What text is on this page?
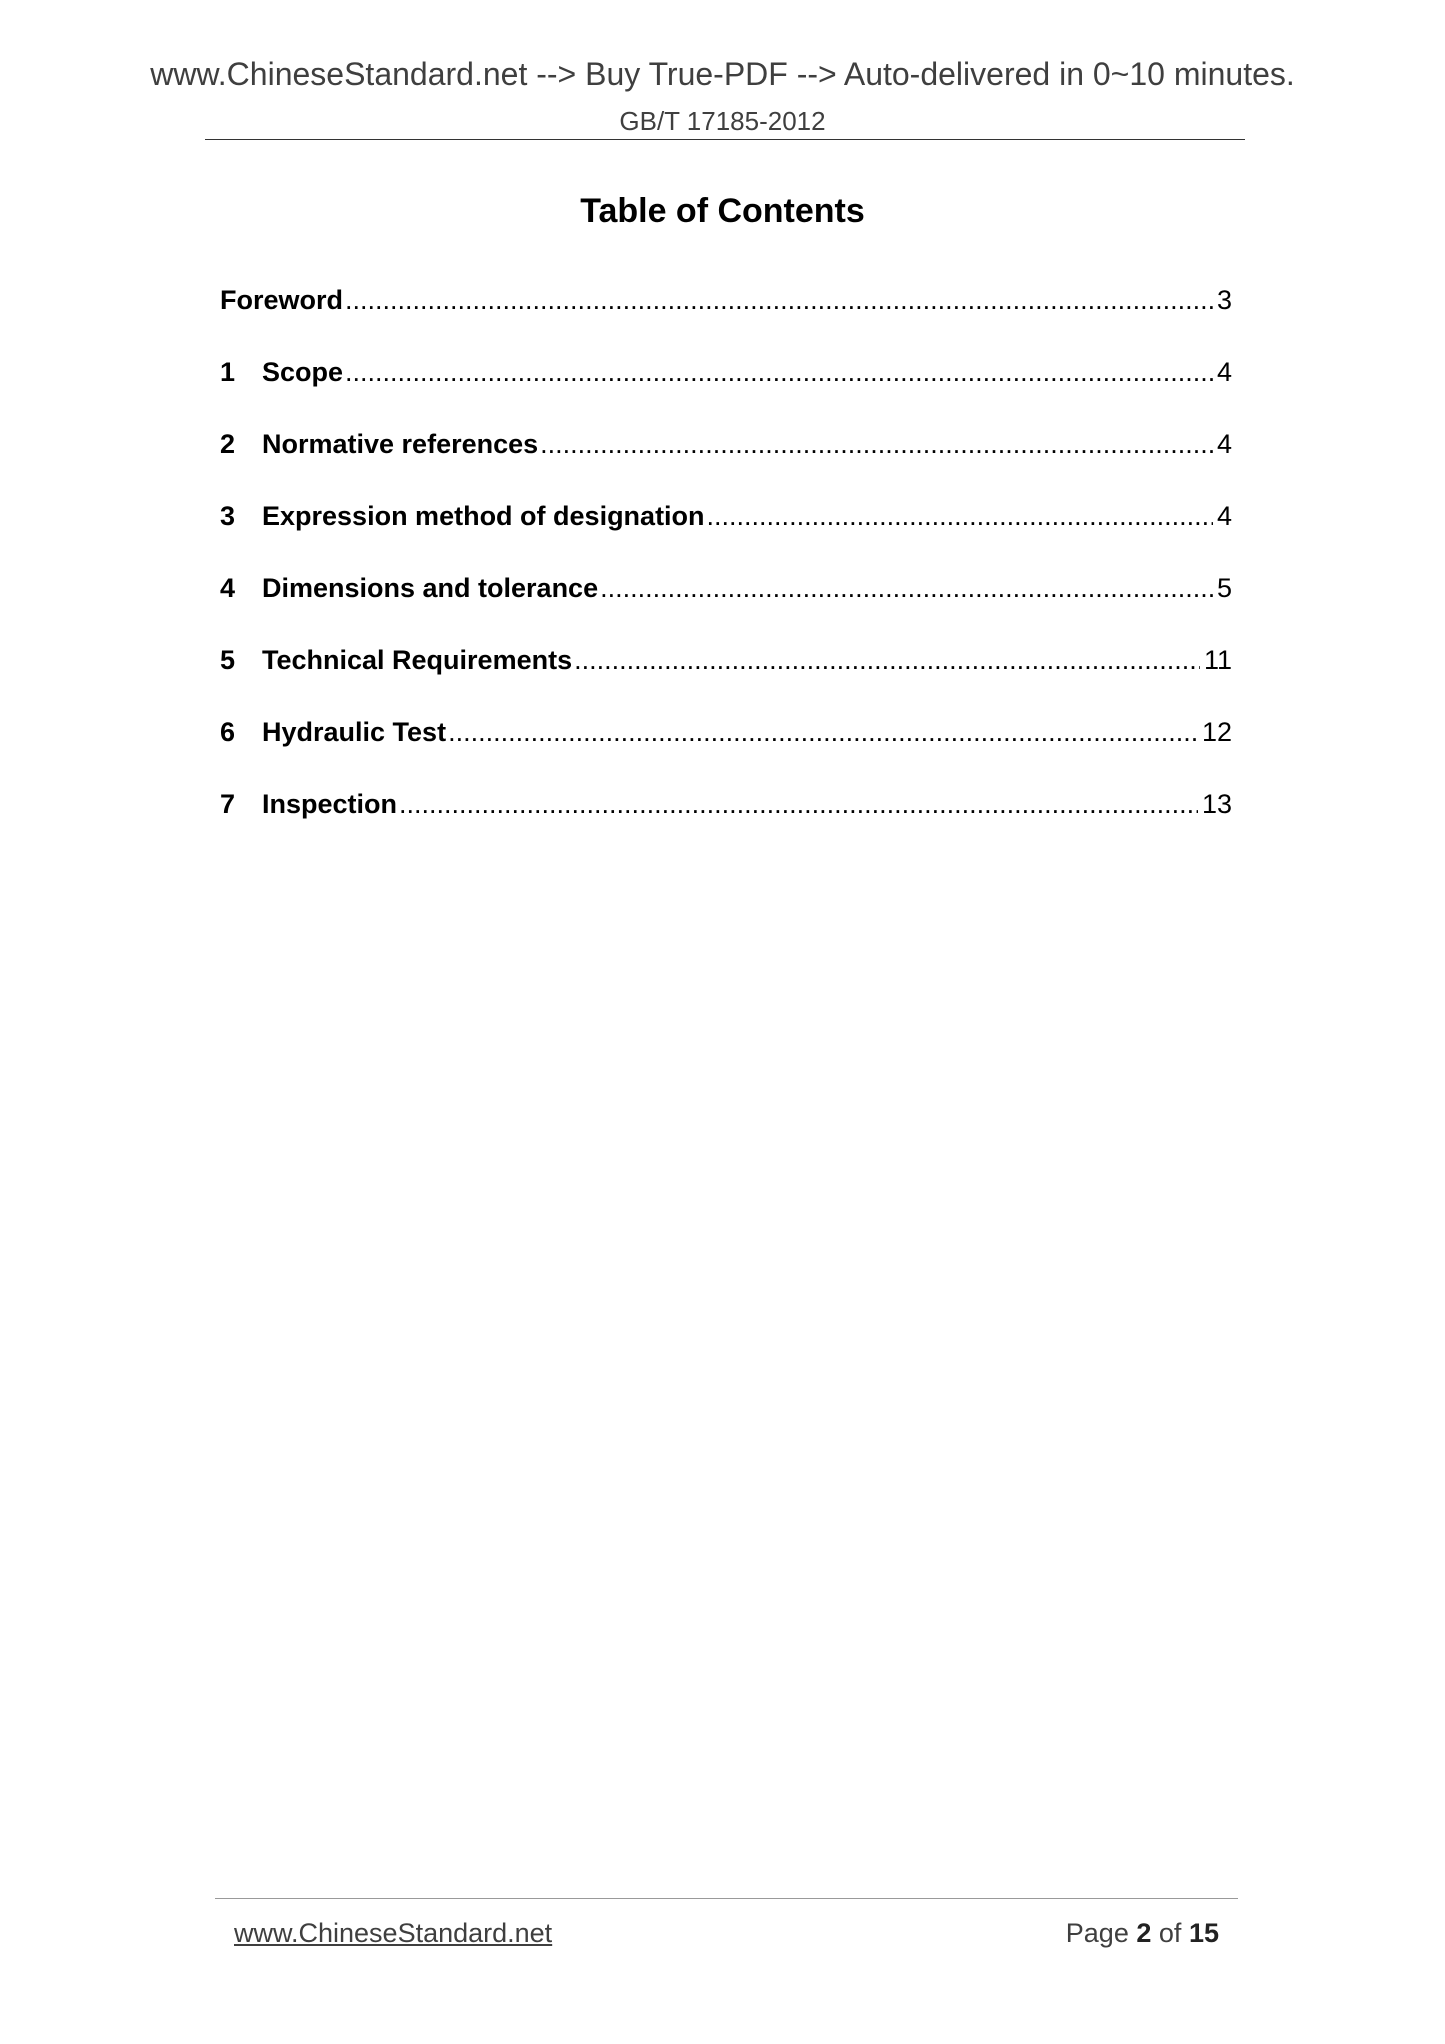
www.ChineseStandard.net --> Buy True-PDF --> Auto-delivered in 0~10 minutes.
GB/T 17185-2012
Table of Contents
Foreword .....	3
1 Scope .....	4
2 Normative references .....	4
3 Expression method of designation .....	4
4 Dimensions and tolerance .....	5
5 Technical Requirements .....	11
6 Hydraulic Test .....	12
7 Inspection .....	13
www.ChineseStandard.net	Page 2 of 15
